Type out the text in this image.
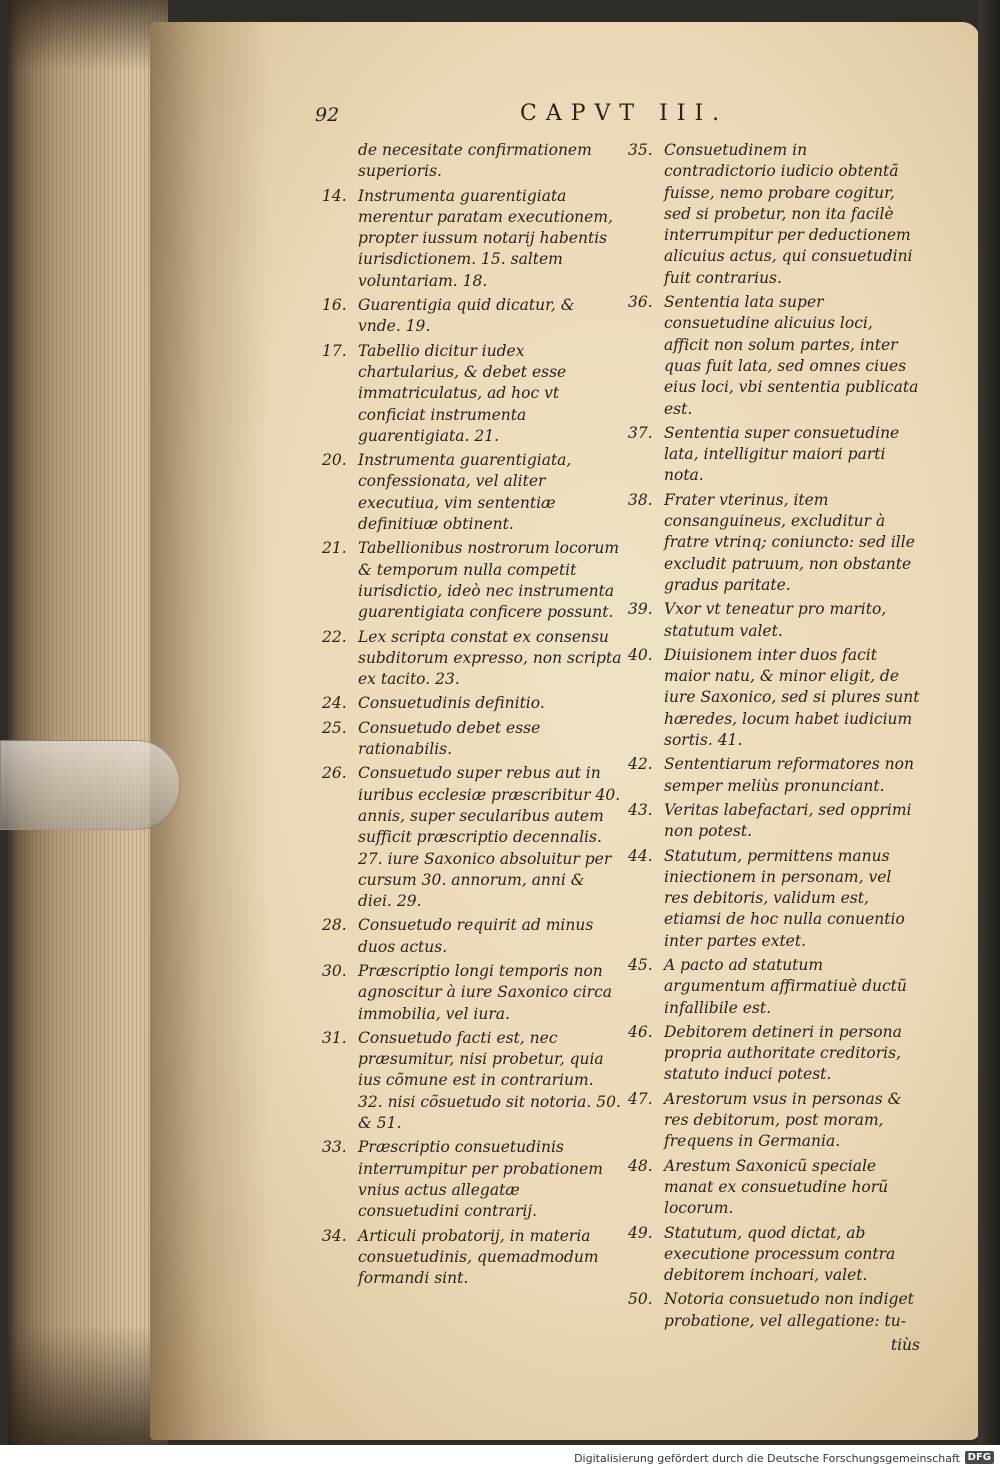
92	CAPVT III.
de necesitate confirmationem superioris.
14. Instrumenta guarentigiata merentur paratam executionem, propter iussum notarij habentis iurisdictionem. 15. saltem voluntariam. 18.
16. Guarentigia quid dicatur, & vnde. 19.
17. Tabellio dicitur iudex chartularius, & debet esse immatriculatus, ad hoc vt conficiat instrumenta guarentigiata. 21.
20. Instrumenta guarentigiata, confessionata, vel aliter executiua, vim sententiæ definitiuæ obtinent.
21. Tabellionibus nostrorum locorum & temporum nulla competit iurisdictio, ideò nec instrumenta guarentigiata conficere possunt.
22. Lex scripta constat ex consensu subditorum expresso, non scripta ex tacito. 23.
24. Consuetudinis definitio.
25. Consuetudo debet esse rationabilis.
26. Consuetudo super rebus aut in iuribus ecclesiæ præscribitur 40. annis, super secularibus autem sufficit præscriptio decennalis. 27. iure Saxonico absoluitur per cursum 30. annorum, anni & diei. 29.
28. Consuetudo requirit ad minus duos actus.
30. Præscriptio longi temporis non agnoscitur à iure Saxonico circa immobilia, vel iura.
31. Consuetudo facti est, nec præsumitur, nisi probetur, quia ius cõmune est in contrarium. 32. nisi cõsuetudo sit notoria. 50. & 51.
33. Præscriptio consuetudinis interrumpitur per probationem vnius actus allegatæ consuetudini contrarij.
34. Articuli probatorij, in materia consuetudinis, quemadmodum formandi sint.
35. Consuetudinem in contradictorio iudicio obtentã fuisse, nemo probare cogitur, sed si probetur, non ita facilè interrumpitur per deductionem alicuius actus, qui consuetudini fuit contrarius.
36. Sententia lata super consuetudine alicuius loci, afficit non solum partes, inter quas fuit lata, sed omnes ciues eius loci, vbi sententia publicata est.
37. Sententia super consuetudine lata, intelligitur maiori parti nota.
38. Frater vterinus, item consanguineus, excluditur à fratre vtrinq; coniuncto: sed ille excludit patruum, non obstante gradus paritate.
39. Vxor vt teneatur pro marito, statutum valet.
40. Diuisionem inter duos facit maior natu, & minor eligit, de iure Saxonico, sed si plures sunt hæredes, locum habet iudicium sortis. 41.
42. Sententiarum reformatores non semper meliùs pronunciant.
43. Veritas labefactari, sed opprimi non potest.
44. Statutum, permittens manus iniectionem in personam, vel res debitoris, validum est, etiamsi de hoc nulla conuentio inter partes extet.
45. A pacto ad statutum argumentum affirmatiuè ductũ infallibile est.
46. Debitorem detineri in persona propria authoritate creditoris, statuto induci potest.
47. Arestorum vsus in personas & res debitorum, post moram, frequens in Germania.
48. Arestum Saxonicũ speciale manat ex consuetudine horũ locorum.
49. Statutum, quod dictat, ab executione processum contra debitorem inchoari, valet.
50. Notoria consuetudo non indiget probatione, vel allegatione: tu-
tiùs
Digitalisierung gefördert durch die Deutsche Forschungsgemeinschaft DFG
